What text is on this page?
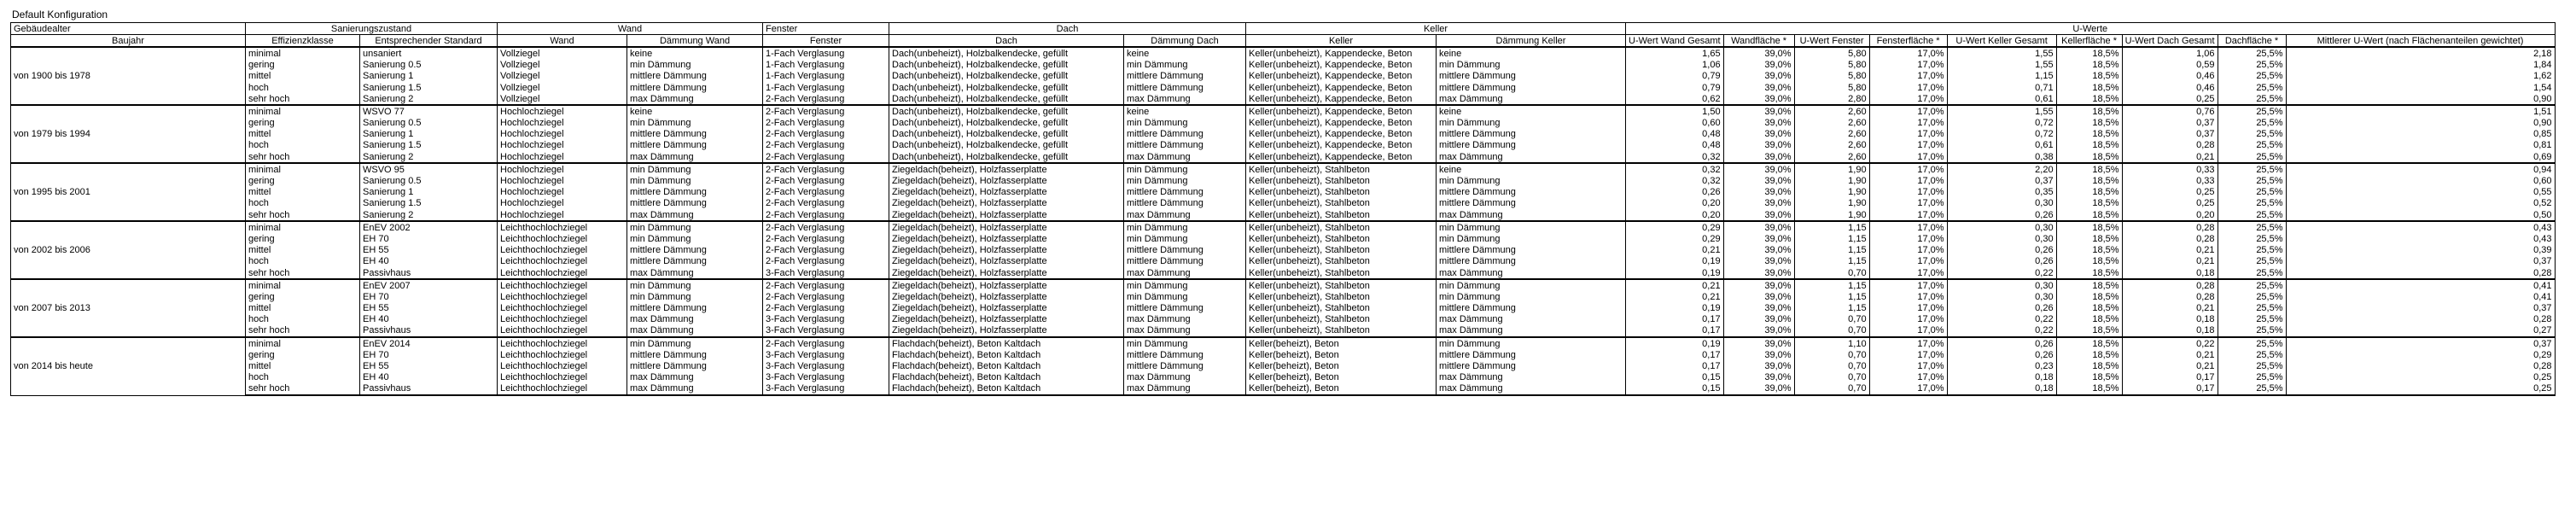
Default Konfiguration
Gebäudealter	Sanierungszustand		Wand		Fenster	Dach		Keller		U-Werte								
Baujahr	Effizienzklasse	Entsprechender Standard	Wand	Dämmung Wand	Fenster	Dach	Dämmung Dach	Keller	Dämmung Keller	U-Wert Wand Gesamt	Wandfläche *	U-Wert Fenster	Fensterfläche *	U-Wert Keller Gesamt	Kellerfläche *	U-Wert Dach Gesamt	Dachfläche *	Mittlerer U-Wert (nach Flächenanteilen gewichtet)
von 1900 bis 1978	minimal	unsaniert	Vollziegel	keine	1-Fach Verglasung	Dach(unbeheizt), Holzbalkendecke, gefüllt	keine	Keller(unbeheizt), Kappendecke, Beton	keine	1,65	39,0%	5,80	17,0%	1,55	18,5%	1,06	25,5%	2,18
	gering	Sanierung 0.5	Vollziegel	min Dämmung	1-Fach Verglasung	Dach(unbeheizt), Holzbalkendecke, gefüllt	min Dämmung	Keller(unbeheizt), Kappendecke, Beton	min Dämmung	1,06	39,0%	5,80	17,0%	1,55	18,5%	0,59	25,5%	1,84
	mittel	Sanierung 1	Vollziegel	mittlere Dämmung	1-Fach Verglasung	Dach(unbeheizt), Holzbalkendecke, gefüllt	mittlere Dämmung	Keller(unbeheizt), Kappendecke, Beton	mittlere Dämmung	0,79	39,0%	5,80	17,0%	1,15	18,5%	0,46	25,5%	1,62
	hoch	Sanierung 1.5	Vollziegel	mittlere Dämmung	1-Fach Verglasung	Dach(unbeheizt), Holzbalkendecke, gefüllt	mittlere Dämmung	Keller(unbeheizt), Kappendecke, Beton	mittlere Dämmung	0,79	39,0%	5,80	17,0%	0,71	18,5%	0,46	25,5%	1,54
	sehr hoch	Sanierung 2	Vollziegel	max Dämmung	2-Fach Verglasung	Dach(unbeheizt), Holzbalkendecke, gefüllt	max Dämmung	Keller(unbeheizt), Kappendecke, Beton	max Dämmung	0,62	39,0%	2,80	17,0%	0,61	18,5%	0,25	25,5%	0,90
von 1979 bis 1994	minimal	WSVO 77	Hochlochziegel	keine	2-Fach Verglasung	Dach(unbeheizt), Holzbalkendecke, gefüllt	keine	Keller(unbeheizt), Kappendecke, Beton	keine	1,50	39,0%	2,60	17,0%	1,55	18,5%	0,76	25,5%	1,51
	gering	Sanierung 0.5	Hochlochziegel	min Dämmung	2-Fach Verglasung	Dach(unbeheizt), Holzbalkendecke, gefüllt	min Dämmung	Keller(unbeheizt), Kappendecke, Beton	min Dämmung	0,60	39,0%	2,60	17,0%	0,72	18,5%	0,37	25,5%	0,90
	mittel	Sanierung 1	Hochlochziegel	mittlere Dämmung	2-Fach Verglasung	Dach(unbeheizt), Holzbalkendecke, gefüllt	mittlere Dämmung	Keller(unbeheizt), Kappendecke, Beton	mittlere Dämmung	0,48	39,0%	2,60	17,0%	0,72	18,5%	0,37	25,5%	0,85
	hoch	Sanierung 1.5	Hochlochziegel	mittlere Dämmung	2-Fach Verglasung	Dach(unbeheizt), Holzbalkendecke, gefüllt	mittlere Dämmung	Keller(unbeheizt), Kappendecke, Beton	mittlere Dämmung	0,48	39,0%	2,60	17,0%	0,61	18,5%	0,28	25,5%	0,81
	sehr hoch	Sanierung 2	Hochlochziegel	max Dämmung	2-Fach Verglasung	Dach(unbeheizt), Holzbalkendecke, gefüllt	max Dämmung	Keller(unbeheizt), Kappendecke, Beton	max Dämmung	0,32	39,0%	2,60	17,0%	0,38	18,5%	0,21	25,5%	0,69
von 1995 bis 2001	minimal	WSVO 95	Hochlochziegel	min Dämmung	2-Fach Verglasung	Ziegeldach(beheizt), Holzfasserplatte	min Dämmung	Keller(unbeheizt), Stahlbeton	keine	0,32	39,0%	1,90	17,0%	2,20	18,5%	0,33	25,5%	0,94
	gering	Sanierung 0.5	Hochlochziegel	min Dämmung	2-Fach Verglasung	Ziegeldach(beheizt), Holzfasserplatte	min Dämmung	Keller(unbeheizt), Stahlbeton	min Dämmung	0,32	39,0%	1,90	17,0%	0,37	18,5%	0,33	25,5%	0,60
	mittel	Sanierung 1	Hochlochziegel	mittlere Dämmung	2-Fach Verglasung	Ziegeldach(beheizt), Holzfasserplatte	mittlere Dämmung	Keller(unbeheizt), Stahlbeton	mittlere Dämmung	0,26	39,0%	1,90	17,0%	0,35	18,5%	0,25	25,5%	0,55
	hoch	Sanierung 1.5	Hochlochziegel	mittlere Dämmung	2-Fach Verglasung	Ziegeldach(beheizt), Holzfasserplatte	mittlere Dämmung	Keller(unbeheizt), Stahlbeton	mittlere Dämmung	0,20	39,0%	1,90	17,0%	0,30	18,5%	0,25	25,5%	0,52
	sehr hoch	Sanierung 2	Hochlochziegel	max Dämmung	2-Fach Verglasung	Ziegeldach(beheizt), Holzfasserplatte	max Dämmung	Keller(unbeheizt), Stahlbeton	max Dämmung	0,20	39,0%	1,90	17,0%	0,26	18,5%	0,20	25,5%	0,50
von 2002 bis 2006	minimal	EnEV 2002	Leichthochlochziegel	min Dämmung	2-Fach Verglasung	Ziegeldach(beheizt), Holzfasserplatte	min Dämmung	Keller(unbeheizt), Stahlbeton	min Dämmung	0,29	39,0%	1,15	17,0%	0,30	18,5%	0,28	25,5%	0,43
	gering	EH 70	Leichthochlochziegel	min Dämmung	2-Fach Verglasung	Ziegeldach(beheizt), Holzfasserplatte	min Dämmung	Keller(unbeheizt), Stahlbeton	min Dämmung	0,29	39,0%	1,15	17,0%	0,30	18,5%	0,28	25,5%	0,43
	mittel	EH 55	Leichthochlochziegel	mittlere Dämmung	2-Fach Verglasung	Ziegeldach(beheizt), Holzfasserplatte	mittlere Dämmung	Keller(unbeheizt), Stahlbeton	mittlere Dämmung	0,21	39,0%	1,15	17,0%	0,26	18,5%	0,21	25,5%	0,39
	hoch	EH 40	Leichthochlochziegel	mittlere Dämmung	2-Fach Verglasung	Ziegeldach(beheizt), Holzfasserplatte	mittlere Dämmung	Keller(unbeheizt), Stahlbeton	mittlere Dämmung	0,19	39,0%	1,15	17,0%	0,26	18,5%	0,21	25,5%	0,37
	sehr hoch	Passivhaus	Leichthochlochziegel	max Dämmung	3-Fach Verglasung	Ziegeldach(beheizt), Holzfasserplatte	max Dämmung	Keller(unbeheizt), Stahlbeton	max Dämmung	0,19	39,0%	0,70	17,0%	0,22	18,5%	0,18	25,5%	0,28
von 2007 bis 2013	minimal	EnEV 2007	Leichthochlochziegel	min Dämmung	2-Fach Verglasung	Ziegeldach(beheizt), Holzfasserplatte	min Dämmung	Keller(unbeheizt), Stahlbeton	min Dämmung	0,21	39,0%	1,15	17,0%	0,30	18,5%	0,28	25,5%	0,41
	gering	EH 70	Leichthochlochziegel	min Dämmung	2-Fach Verglasung	Ziegeldach(beheizt), Holzfasserplatte	min Dämmung	Keller(unbeheizt), Stahlbeton	min Dämmung	0,21	39,0%	1,15	17,0%	0,30	18,5%	0,28	25,5%	0,41
	mittel	EH 55	Leichthochlochziegel	mittlere Dämmung	2-Fach Verglasung	Ziegeldach(beheizt), Holzfasserplatte	mittlere Dämmung	Keller(unbeheizt), Stahlbeton	mittlere Dämmung	0,19	39,0%	1,15	17,0%	0,26	18,5%	0,21	25,5%	0,37
	hoch	EH 40	Leichthochlochziegel	max Dämmung	3-Fach Verglasung	Ziegeldach(beheizt), Holzfasserplatte	max Dämmung	Keller(unbeheizt), Stahlbeton	max Dämmung	0,17	39,0%	0,70	17,0%	0,22	18,5%	0,18	25,5%	0,28
	sehr hoch	Passivhaus	Leichthochlochziegel	max Dämmung	3-Fach Verglasung	Ziegeldach(beheizt), Holzfasserplatte	max Dämmung	Keller(unbeheizt), Stahlbeton	max Dämmung	0,17	39,0%	0,70	17,0%	0,22	18,5%	0,18	25,5%	0,27
von 2014 bis heute	minimal	EnEV 2014	Leichthochlochziegel	min Dämmung	2-Fach Verglasung	Flachdach(beheizt), Beton Kaltdach	min Dämmung	Keller(beheizt), Beton	min Dämmung	0,19	39,0%	1,10	17,0%	0,26	18,5%	0,22	25,5%	0,37
	gering	EH 70	Leichthochlochziegel	mittlere Dämmung	3-Fach Verglasung	Flachdach(beheizt), Beton Kaltdach	mittlere Dämmung	Keller(beheizt), Beton	mittlere Dämmung	0,17	39,0%	0,70	17,0%	0,26	18,5%	0,21	25,5%	0,29
	mittel	EH 55	Leichthochlochziegel	mittlere Dämmung	3-Fach Verglasung	Flachdach(beheizt), Beton Kaltdach	mittlere Dämmung	Keller(beheizt), Beton	mittlere Dämmung	0,17	39,0%	0,70	17,0%	0,23	18,5%	0,21	25,5%	0,28
	hoch	EH 40	Leichthochlochziegel	max Dämmung	3-Fach Verglasung	Flachdach(beheizt), Beton Kaltdach	max Dämmung	Keller(beheizt), Beton	max Dämmung	0,15	39,0%	0,70	17,0%	0,18	18,5%	0,17	25,5%	0,25
	sehr hoch	Passivhaus	Leichthochlochziegel	max Dämmung	3-Fach Verglasung	Flachdach(beheizt), Beton Kaltdach	max Dämmung	Keller(beheizt), Beton	max Dämmung	0,15	39,0%	0,70	17,0%	0,18	18,5%	0,17	25,5%	0,25
